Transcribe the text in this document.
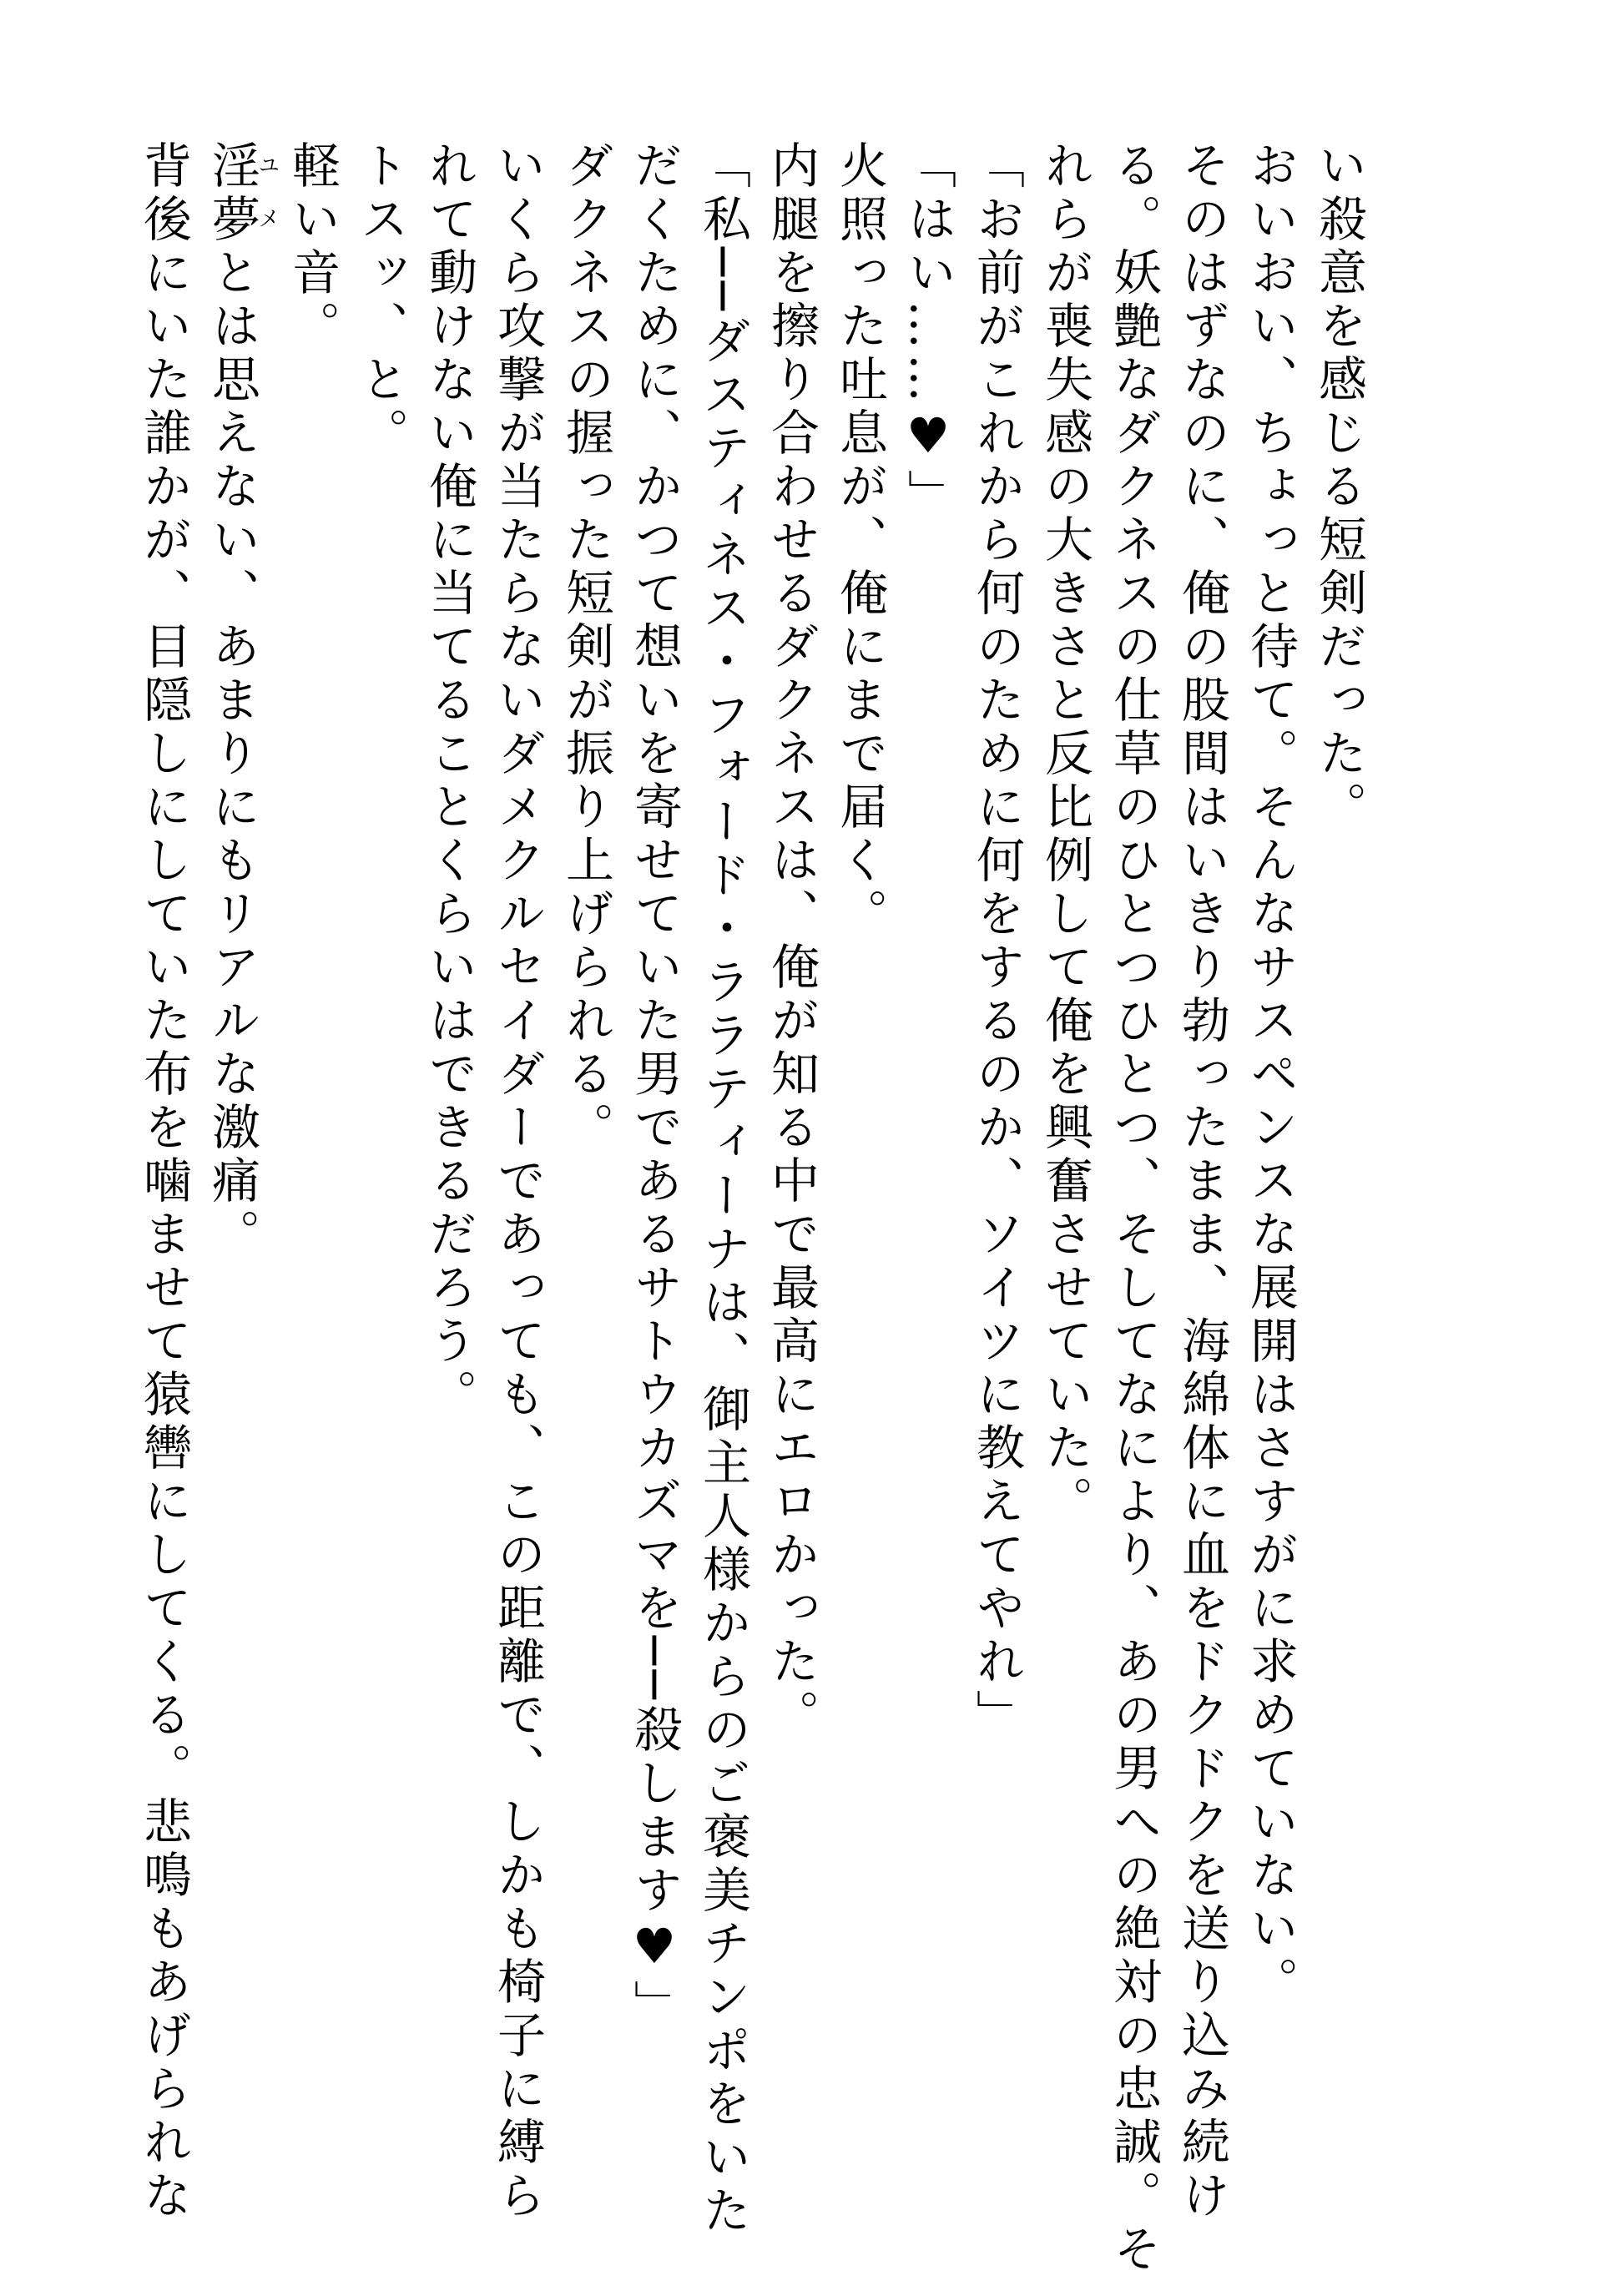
い殺意を感じる短剣だった。
おいおい、ちょっと待て。そんなサスペンスな展開はさすがに求めていない。
そのはずなのに、俺の股間はいきり勃ったまま、海綿体に血をドクドクを送り込み続け
る。妖艶なダクネスの仕草のひとつひとつ、そしてなにより、あの男への絶対の忠誠。そ
れらが喪失感の大きさと反比例して俺を興奮させていた。
「お前がこれから何のために何をするのか、ソイツに教えてやれ」
「はい……♥」
火照った吐息が、俺にまで届く。
内腿を擦り合わせるダクネスは、俺が知る中で最高にエロかった。
「私──ダスティネス・フォード・ララティーナは、御主人様からのご褒美チンポをいた
だくために、かつて想いを寄せていた男であるサトウカズマを──殺します♥」
ダクネスの握った短剣が振り上げられる。
いくら攻撃が当たらないダメクルセイダーであっても、この距離で、しかも椅子に縛ら
れて動けない俺に当てることくらいはできるだろう。
トスッ、と。
軽い音。
淫夢ユメとは思えない、あまりにもリアルな激痛。
背後にいた誰かが、目隠しにしていた布を噛ませて猿轡にしてくる。悲鳴もあげられな
